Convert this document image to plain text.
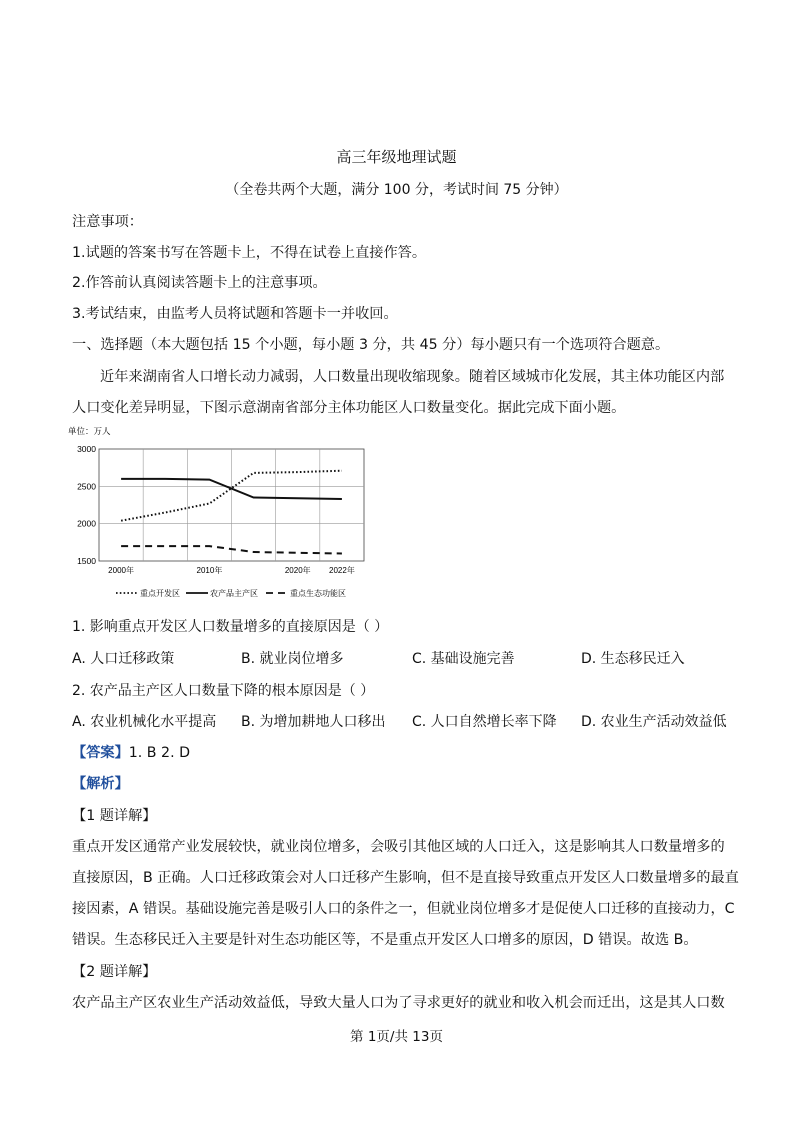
高三年级地理试题
（全卷共两个大题，满分 100 分，考试时间 75 分钟）
注意事项：
1.试题的答案书写在答题卡上，不得在试卷上直接作答。
2.作答前认真阅读答题卡上的注意事项。
3.考试结束，由监考人员将试题和答题卡一并收回。
一、选择题（本大题包括 15 个小题，每小题 3 分，共 45 分）每小题只有一个选项符合题意。
近年来湖南省人口增长动力减弱，人口数量出现收缩现象。随着区域城市化发展，其主体功能区内部
人口变化差异明显，下图示意湖南省部分主体功能区人口数量变化。据此完成下面小题。
单位：万人
3000
2500
2000
1500
2000年	2010年	2020年 2022年
重点开发区	农产品主产区	重点生态功能区
1. 影响重点开发区人口数量增多的直接原因是（ ）
A. 人口迁移政策	B. 就业岗位增多	C. 基础设施完善	D. 生态移民迁入
2. 农产品主产区人口数量下降的根本原因是（ ）
A. 农业机械化水平提高 B. 为增加耕地人口移出 C. 人口自然增长率下降 D. 农业生产活动效益低
【答案】1. B 2. D
【解析】
【1 题详解】
重点开发区通常产业发展较快，就业岗位增多，会吸引其他区域的人口迁入，这是影响其人口数量增多的
直接原因，B 正确。人口迁移政策会对人口迁移产生影响，但不是直接导致重点开发区人口数量增多的最直
接因素，A 错误。基础设施完善是吸引人口的条件之一，但就业岗位增多才是促使人口迁移的直接动力，C
错误。生态移民迁入主要是针对生态功能区等，不是重点开发区人口增多的原因，D 错误。故选 B。
【2 题详解】
农产品主产区农业生产活动效益低，导致大量人口为了寻求更好的就业和收入机会而迁出，这是其人口数
第 1页/共 13页
